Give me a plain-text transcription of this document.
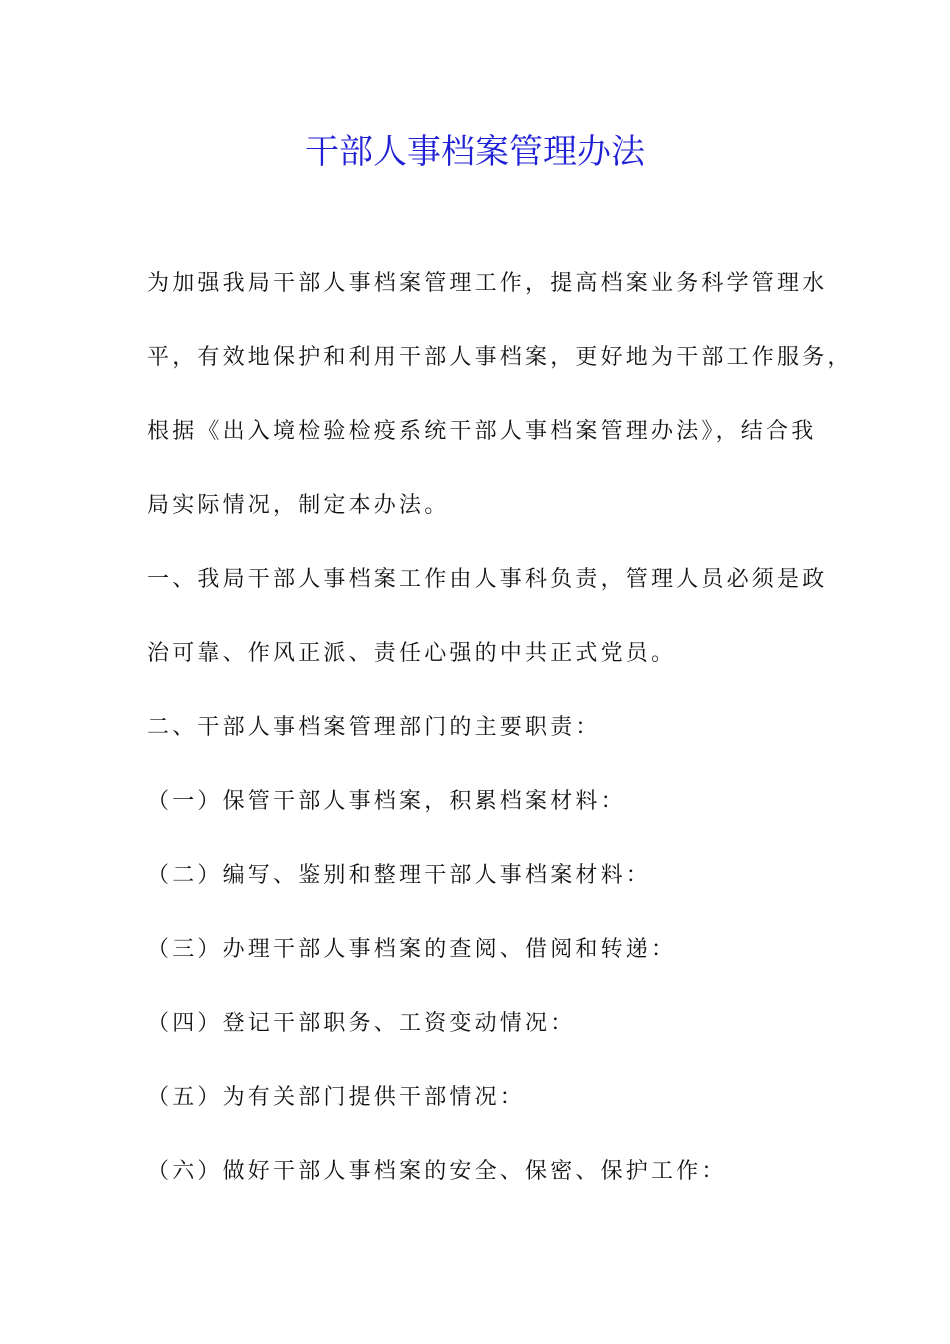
干部人事档案管理办法
为加强我局干部人事档案管理工作，提高档案业务科学管理水
平，有效地保护和利用干部人事档案，更好地为干部工作服务，
根据《出入境检验检疫系统干部人事档案管理办法》，结合我
局实际情况，制定本办法。
一、我局干部人事档案工作由人事科负责，管理人员必须是政
治可靠、作风正派、责任心强的中共正式党员。
二、干部人事档案管理部门的主要职责：
（一）保管干部人事档案，积累档案材料：
（二）编写、鉴别和整理干部人事档案材料：
（三）办理干部人事档案的查阅、借阅和转递：
（四）登记干部职务、工资变动情况：
（五）为有关部门提供干部情况：
（六）做好干部人事档案的安全、保密、保护工作：
